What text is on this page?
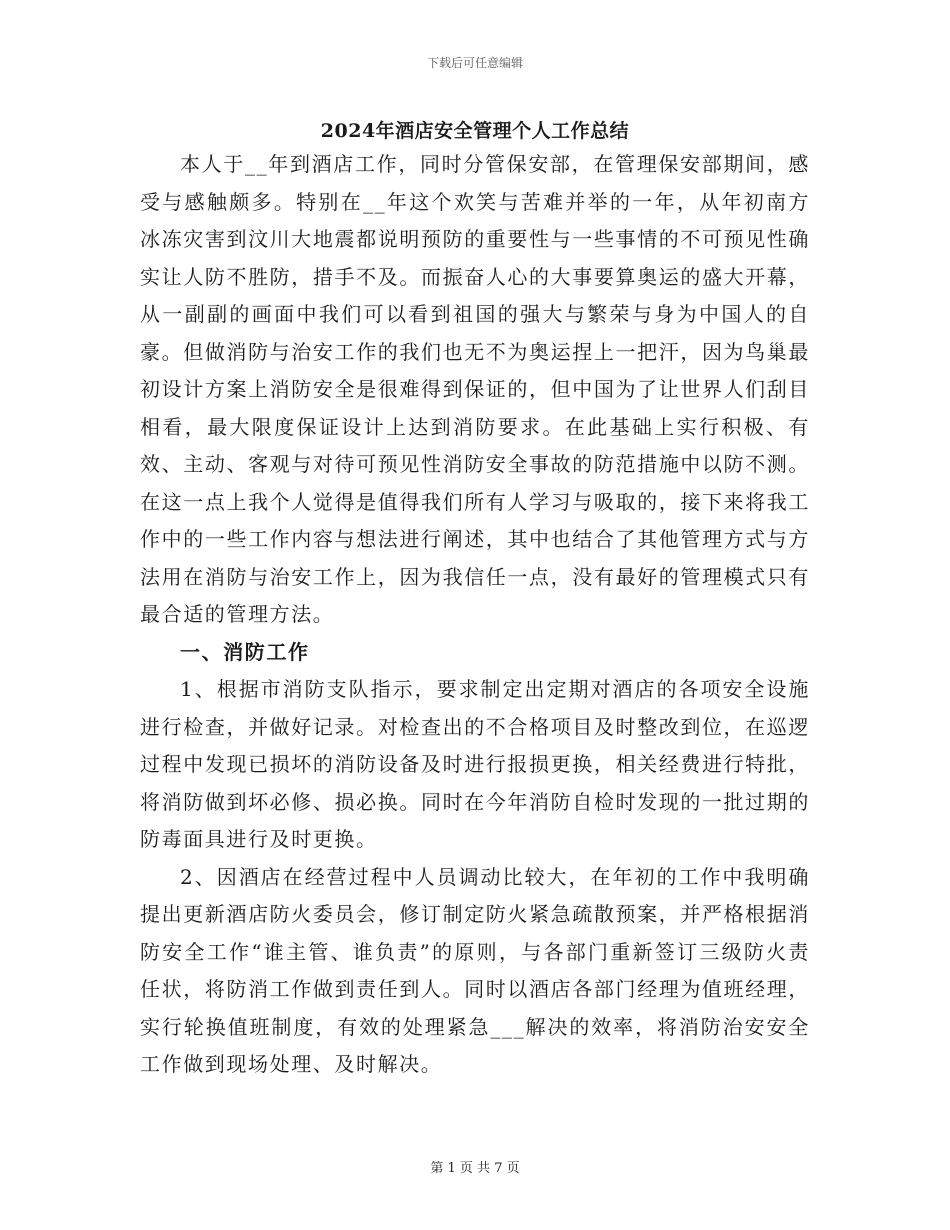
下载后可任意编辑
2024年酒店安全管理个人工作总结

本人于__年到酒店工作，同时分管保安部，在管理保安部期间，感受与感触颇多。特别在__年这个欢笑与苦难并举的一年，从年初南方冰冻灾害到汶川大地震都说明预防的重要性与一些事情的不可预见性确实让人防不胜防，措手不及。而振奋人心的大事要算奥运的盛大开幕，从一副副的画面中我们可以看到祖国的强大与繁荣与身为中国人的自豪。但做消防与治安工作的我们也无不为奥运捏上一把汗，因为鸟巢最初设计方案上消防安全是很难得到保证的，但中国为了让世界人们刮目相看，最大限度保证设计上达到消防要求。在此基础上实行积极、有效、主动、客观与对待可预见性消防安全事故的防范措施中以防不测。在这一点上我个人觉得是值得我们所有人学习与吸取的，接下来将我工作中的一些工作内容与想法进行阐述，其中也结合了其他管理方式与方法用在消防与治安工作上，因为我信任一点，没有最好的管理模式只有最合适的管理方法。

一、消防工作

1、根据市消防支队指示，要求制定出定期对酒店的各项安全设施进行检查，并做好记录。对检查出的不合格项目及时整改到位，在巡逻过程中发现已损坏的消防设备及时进行报损更换，相关经费进行特批，将消防做到坏必修、损必换。同时在今年消防自检时发现的一批过期的防毒面具进行及时更换。

2、因酒店在经营过程中人员调动比较大，在年初的工作中我明确提出更新酒店防火委员会，修订制定防火紧急疏散预案，并严格根据消防安全工作“谁主管、谁负责”的原则，与各部门重新签订三级防火责任状，将防消工作做到责任到人。同时以酒店各部门经理为值班经理，实行轮换值班制度，有效的处理紧急___解决的效率，将消防治安安全工作做到现场处理、及时解决。

第 1 页 共 7 页
